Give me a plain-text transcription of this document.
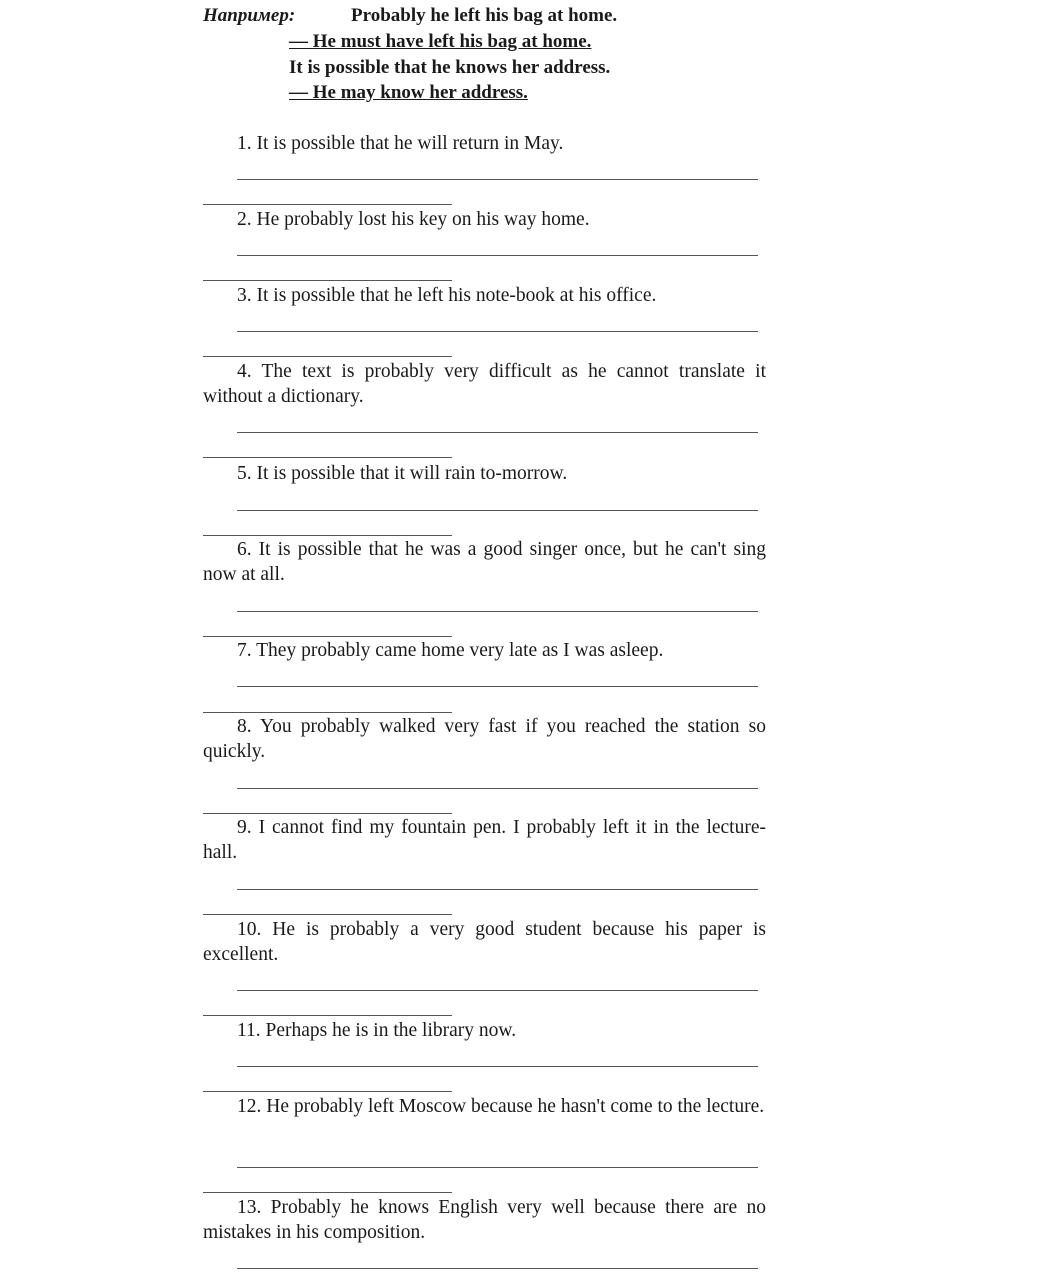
Например:	Probably he left his bag at home.
— He must have left his bag at home.
It is possible that he knows her address.
— He may know her address.
1. It is possible that he will return in May.
2. He probably lost his key on his way home.
3. It is possible that he left his note-book at his office.
4. The text is probably very difficult as he cannot translate it without a dictionary.
5. It is possible that it will rain to-morrow.
6. It is possible that he was a good singer once, but he can't sing now at all.
7. They probably came home very late as I was asleep.
8. You probably walked very fast if you reached the station so quickly.
9. I cannot find my fountain pen. I probably left it in the lecture-hall.
10. He is probably a very good student because his paper is excellent.
11. Perhaps he is in the library now.
12. He probably left Moscow because he hasn't come to the lecture.
13. Probably he knows English very well because there are no mistakes in his composition.
